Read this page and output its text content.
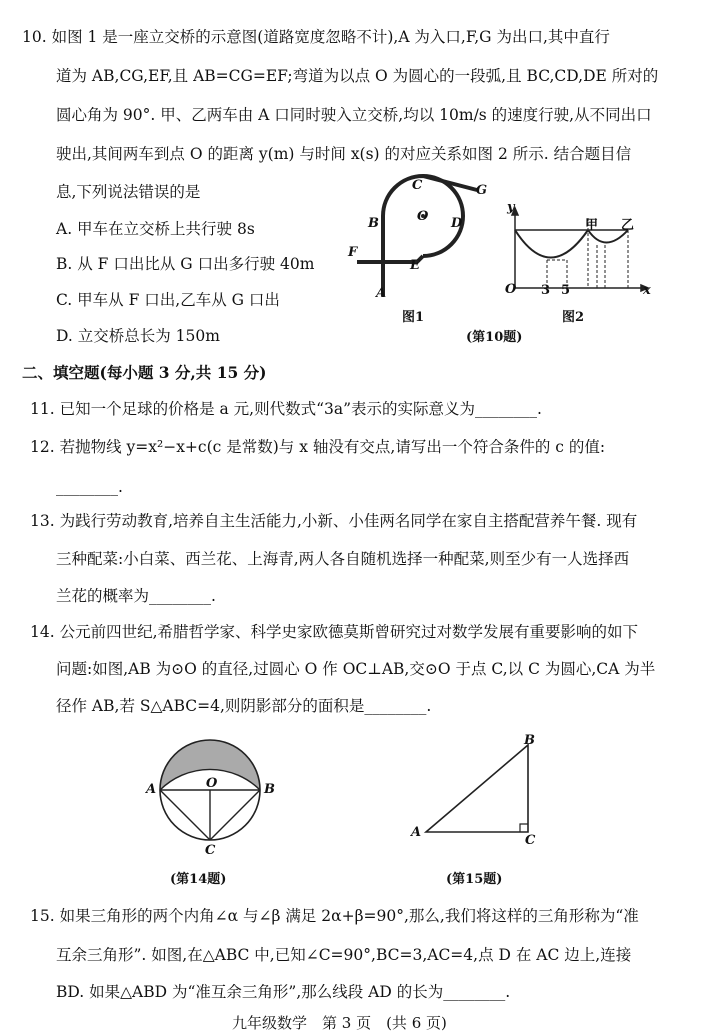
10. 如图 1 是一座立交桥的示意图(道路宽度忽略不计),A 为入口,F,G 为出口,其中直行
道为 AB,CG,EF,且 AB=CG=EF;弯道为以点 O 为圆心的一段弧,且 BC,CD,DE 所对的
圆心角为 90°. 甲、乙两车由 A 口同时驶入立交桥,均以 10m/s 的速度行驶,从不同出口
驶出,其间两车到点 O 的距离 y(m) 与时间 x(s) 的对应关系如图 2 所示. 结合题目信
息,下列说法错误的是
A. 甲车在立交桥上共行驶 8s
B. 从 F 口出比从 G 口出多行驶 40m
C. 甲车从 F 口出,乙车从 G 口出
D. 立交桥总长为 150m
C	G
B	O D
F
E
A
图1
y
x
O 3 5
甲 乙
图2
(第10题)
二、填空题(每小题 3 分,共 15 分)
11. 已知一个足球的价格是 a 元,则代数式“3a”表示的实际意义为________.
12. 若抛物线 y=x²−x+c(c 是常数)与 x 轴没有交点,请写出一个符合条件的 c 的值:
________.
13. 为践行劳动教育,培养自主生活能力,小新、小佳两名同学在家自主搭配营养午餐. 现有
三种配菜:小白菜、西兰花、上海青,两人各自随机选择一种配菜,则至少有一人选择西
兰花的概率为________.
14. 公元前四世纪,希腊哲学家、科学史家欧德莫斯曾研究过对数学发展有重要影响的如下
问题:如图,AB 为⊙O 的直径,过圆心 O 作 OC⊥AB,交⊙O 于点 C,以 C 为圆心,CA 为半
径作 AB,若 S△ABC=4,则阴影部分的面积是________.
A	B
O
C
(第14题)
B
A
C
(第15题)
15. 如果三角形的两个内角∠α 与∠β 满足 2α+β=90°,那么,我们将这样的三角形称为“准
互余三角形”. 如图,在△ABC 中,已知∠C=90°,BC=3,AC=4,点 D 在 AC 边上,连接
BD. 如果△ABD 为“准互余三角形”,那么线段 AD 的长为________.
九年级数学　第 3 页　(共 6 页)
